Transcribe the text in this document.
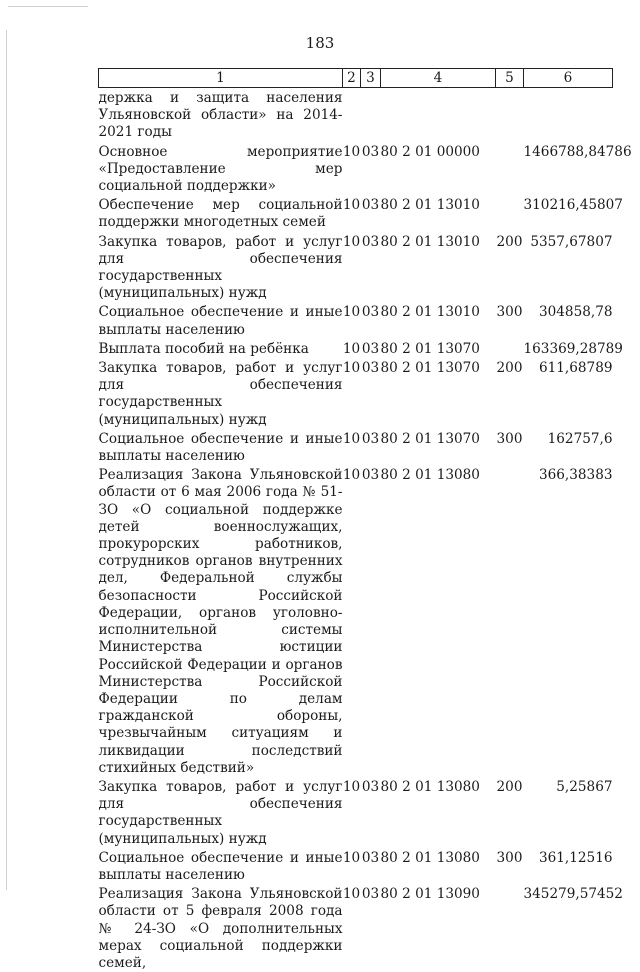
183
1	2	3	4	5	6
держка и защита населения Ульяновской области» на 2014-2021 годы					
Основное мероприятие «Предоставление мер социальной поддержки»	10	03	80 2 01 00000		1466788,84786
Обеспечение мер социальной поддержки многодетных семей	10	03	80 2 01 13010		310216,45807
Закупка товаров, работ и услуг для обеспечения государственных (муниципальных) нужд	10	03	80 2 01 13010	200	5357,67807
Социальное обеспечение и иные выплаты населению	10	03	80 2 01 13010	300	304858,78
Выплата пособий на ребёнка	10	03	80 2 01 13070		163369,28789
Закупка товаров, работ и услуг для обеспечения государственных (муниципальных) нужд	10	03	80 2 01 13070	200	611,68789
Социальное обеспечение и иные выплаты населению	10	03	80 2 01 13070	300	162757,6
Реализация Закона Ульяновской области от 6 мая 2006 года № 51-ЗО «О социальной поддержке детей военнослужащих, прокурорских работников, сотрудников органов внутренних дел, Федеральной службы безопасности Российской Федерации, органов уголовно-исполнительной системы Министерства юстиции Российской Федерации и органов Министерства Российской Федерации по делам гражданской обороны, чрезвычайным ситуациям и ликвидации последствий стихийных бедствий»	10	03	80 2 01 13080		366,38383
Закупка товаров, работ и услуг для обеспечения государственных (муниципальных) нужд	10	03	80 2 01 13080	200	5,25867
Социальное обеспечение и иные выплаты населению	10	03	80 2 01 13080	300	361,12516
Реализация Закона Ульяновской области от 5 февраля 2008 года № 24-ЗО «О дополнительных мерах социальной поддержки семей,	10	03	80 2 01 13090		345279,57452
